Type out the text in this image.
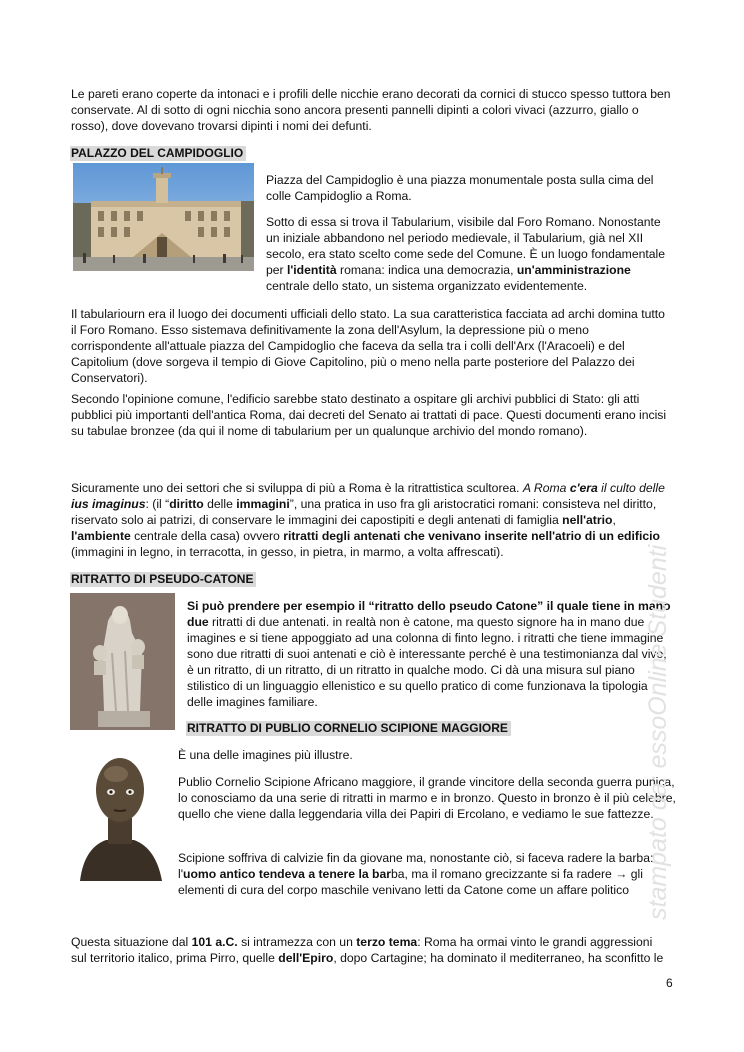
Le pareti erano coperte da intonaci e i profili delle nicchie erano decorati da cornici di stucco spesso tuttora ben conservate. Al di sotto di ogni nicchia sono ancora presenti pannelli dipinti a colori vivaci (azzurro, giallo o rosso), dove dovevano trovarsi dipinti i nomi dei defunti.

PALAZZO DEL CAMPIDOGLIO

Piazza del Campidoglio è una piazza monumentale posta sulla cima del colle Campidoglio a Roma.

Sotto di essa si trova il Tabularium, visibile dal Foro Romano. Nonostante un iniziale abbandono nel periodo medievale, il Tabularium, già nel XII secolo, era stato scelto come sede del Comune. È un luogo fondamentale per l'identità romana: indica una democrazia, un'amministrazione centrale dello stato, un sistema organizzato evidentemente.

Il tabulariourn era il luogo dei documenti ufficiali dello stato. La sua caratteristica facciata ad archi domina tutto il Foro Romano. Esso sistemava definitivamente la zona dell'Asylum, la depressione più o meno corrispondente all'attuale piazza del Campidoglio che faceva da sella tra i colli dell'Arx (l'Aracoeli) e del Capitolium (dove sorgeva il tempio di Giove Capitolino, più o meno nella parte posteriore del Palazzo dei Conservatori).

Secondo l'opinione comune, l'edificio sarebbe stato destinato a ospitare gli archivi pubblici di Stato: gli atti pubblici più importanti dell'antica Roma, dai decreti del Senato ai trattati di pace. Questi documenti erano incisi su tabulae bronzee (da qui il nome di tabularium per un qualunque archivio del mondo romano).

Sicuramente uno dei settori che si sviluppa di più a Roma è la ritrattistica scultorea. A Roma c'era il culto delle ius imaginus: (il “diritto delle immagini”, una pratica in uso fra gli aristocratici romani: consisteva nel diritto, riservato solo ai patrizi, di conservare le immagini dei capostipiti e degli antenati di famiglia nell'atrio, l'ambiente centrale della casa) ovvero ritratti degli antenati che venivano inserite nell'atrio di un edificio (immagini in legno, in terracotta, in gesso, in pietra, in marmo, a volta affrescati).

RITRATTO DI PSEUDO-CATONE

Si può prendere per esempio il “ritratto dello pseudo Catone” il quale tiene in mano due ritratti di due antenati. in realtà non è catone, ma questo signore ha in mano due imagines e si tiene appoggiato ad una colonna di finto legno. i ritratti che tiene immagine sono due ritratti di suoi antenati e ciò è interessante perché è una testimonianza dal vivo, è un ritratto, di un ritratto, di un ritratto in qualche modo. Ci dà una misura sul piano stilistico di un linguaggio ellenistico e su quello pratico di come funzionava la tipologia delle imagines familiare.

RITRATTO DI PUBLIO CORNELIO SCIPIONE MAGGIORE

È una delle imagines più illustre.

Publio Cornelio Scipione Africano maggiore, il grande vincitore della seconda guerra punica, lo conosciamo da una serie di ritratti in marmo e in bronzo. Questo in bronzo è il più celebre, quello che viene dalla leggendaria villa dei Papiri di Ercolano, e vediamo le sue fattezze.

Scipione soffriva di calvizie fin da giovane ma, nonostante ciò, si faceva radere la barba: l'uomo antico tendeva a tenere la barba, ma il romano grecizzante si fa radere → gli elementi di cura del corpo maschile venivano letti da Catone come un affare politico

Questa situazione dal 101 a.C. si intramezza con un terzo tema: Roma ha ormai vinto le grandi aggressioni sul territorio italico, prima Pirro, quelle dell'Epiro, dopo Cartagine; ha dominato il mediterraneo, ha sconfitto le

stampato da: essoOnline Studenti
6
